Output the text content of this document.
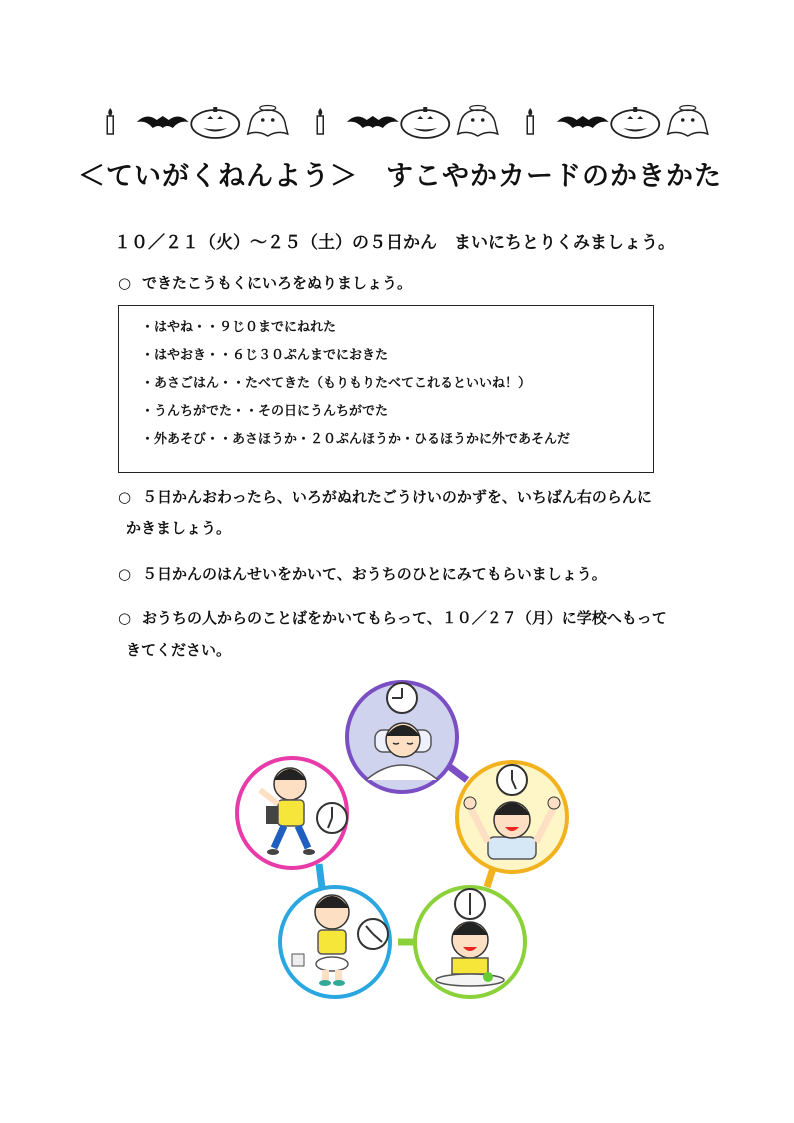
＜ていがくねんよう＞　すこやかカードのかきかた
１０／２１（火）～２５（土）の５日かん　まいにちとりくみましょう。
○ できたこうもくにいろをぬりましょう。
・はやね・・９じ０までにねれた
・はやおき・・６じ３０ぷんまでにおきた
・あさごはん・・たべてきた（もりもりたべてこれるといいね！）
・うんちがでた・・その日にうんちがでた
・外あそび・・あさほうか・２０ぷんほうか・ひるほうかに外であそんだ
○ ５日かんおわったら、いろがぬれたごうけいのかずを、いちばん右のらんに
かきましょう。
○ ５日かんのはんせいをかいて、おうちのひとにみてもらいましょう。
○ おうちの人からのことばをかいてもらって、１０／２７（月）に学校へもって
きてください。
